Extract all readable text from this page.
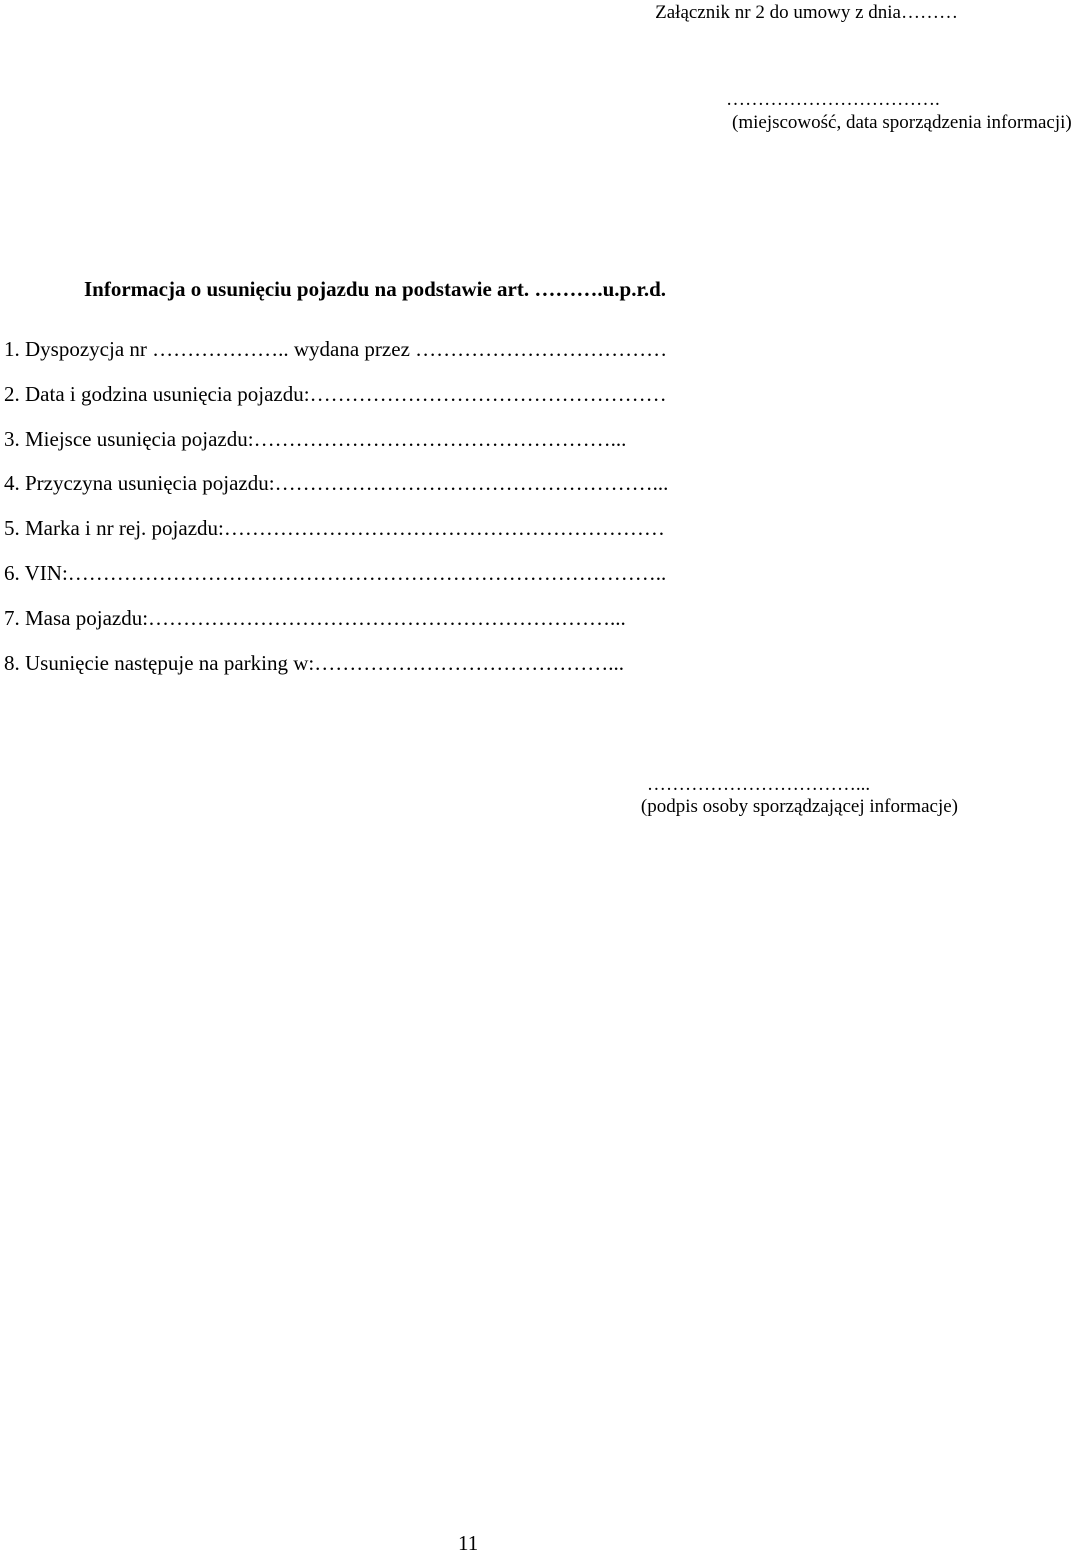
Załącznik nr 2 do umowy z dnia………
…………………………….
(miejscowość, data sporządzenia informacji)
Informacja o usunięciu pojazdu na podstawie art. ……….u.p.r.d.
1. Dyspozycja nr ……………….. wydana przez ………………………………
2. Data i godzina usunięcia pojazdu:……………………………………………
3. Miejsce usunięcia pojazdu:……………………………………………...
4. Przyczyna usunięcia pojazdu:………………………………………………...
5. Marka i nr rej. pojazdu:………………………………………………………
6. VIN:…………………………………………………………………………..
7. Masa pojazdu:…………………………………………………………...
8. Usunięcie następuje na parking w:……………………………………...
……………………………...
(podpis osoby sporządzającej informacje)
11
